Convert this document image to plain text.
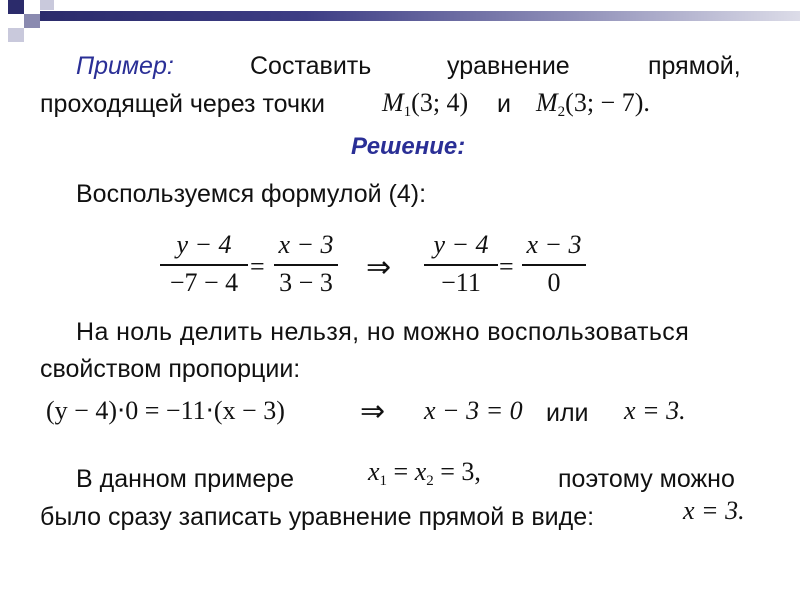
Пример:	Составить	уравнение	прямой,
проходящей через точки $M_1(3$; 4) и $M_2(3$; − 7).
Решение:
Воспользуемся формулой (4):
y − 4
−7 − 4
=
x − 3
3 − 3 ⇒
y − 4
−11
=
x − 3
0
На ноль делить нельзя, но можно воспользоваться
свойством пропорции:
(y − 4)⋅0 = −11⋅(x − 3)	⇒ x − 3 = 0 или x = 3.
В данном примере	$x_1 = x_2 = 3$,	поэтому можно
было сразу записать уравнение прямой в виде:	x = 3.
